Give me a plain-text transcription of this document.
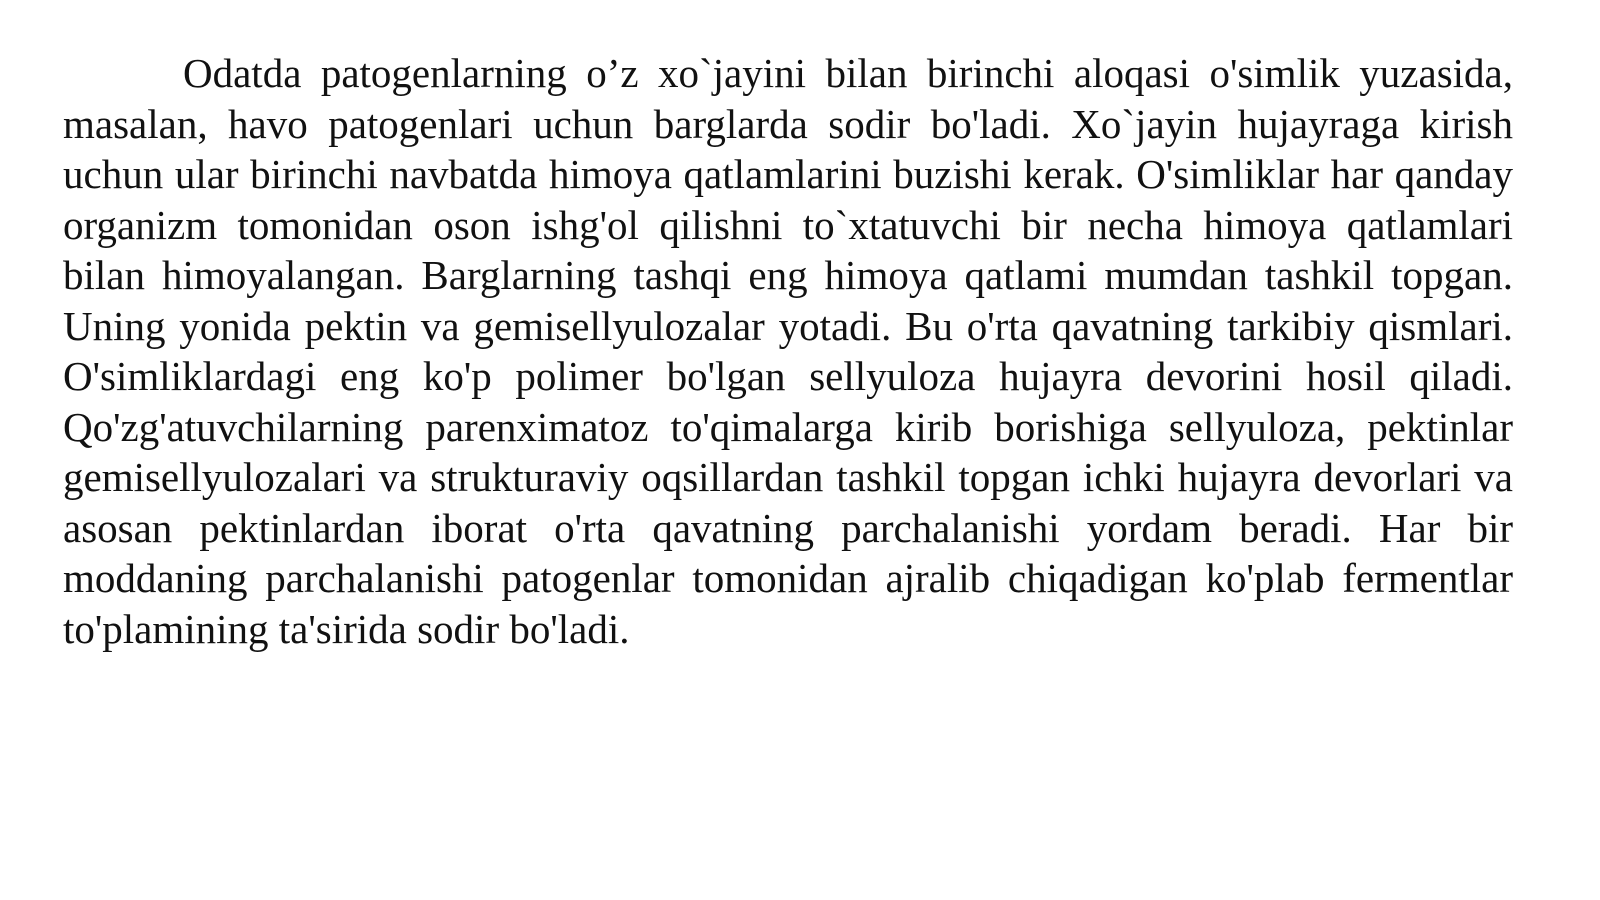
Odatda patogenlarning o’z xo`jayini bilan birinchi aloqasi o'simlik yuzasida, masalan, havo patogenlari uchun barglarda sodir bo'ladi. Xo`jayin hujayraga kirish uchun ular birinchi navbatda himoya qatlamlarini buzishi kerak. O'simliklar har qanday organizm tomonidan oson ishg'ol qilishni to`xtatuvchi bir necha himoya qatlamlari bilan himoyalangan. Barglarning tashqi eng himoya qatlami mumdan tashkil topgan. Uning yonida pektin va gemisellyulozalar yotadi. Bu o'rta qavatning tarkibiy qismlari. O'simliklardagi eng ko'p polimer bo'lgan sellyuloza hujayra devorini hosil qiladi. Qo'zg'atuvchilarning parenximatoz to'qimalarga kirib borishiga sellyuloza, pektinlar gemisellyulozalari va strukturaviy oqsillardan tashkil topgan ichki hujayra devorlari va asosan pektinlardan iborat o'rta qavatning parchalanishi yordam beradi. Har bir moddaning parchalanishi patogenlar tomonidan ajralib chiqadigan ko'plab fermentlar to'plamining ta'sirida sodir bo'ladi.
